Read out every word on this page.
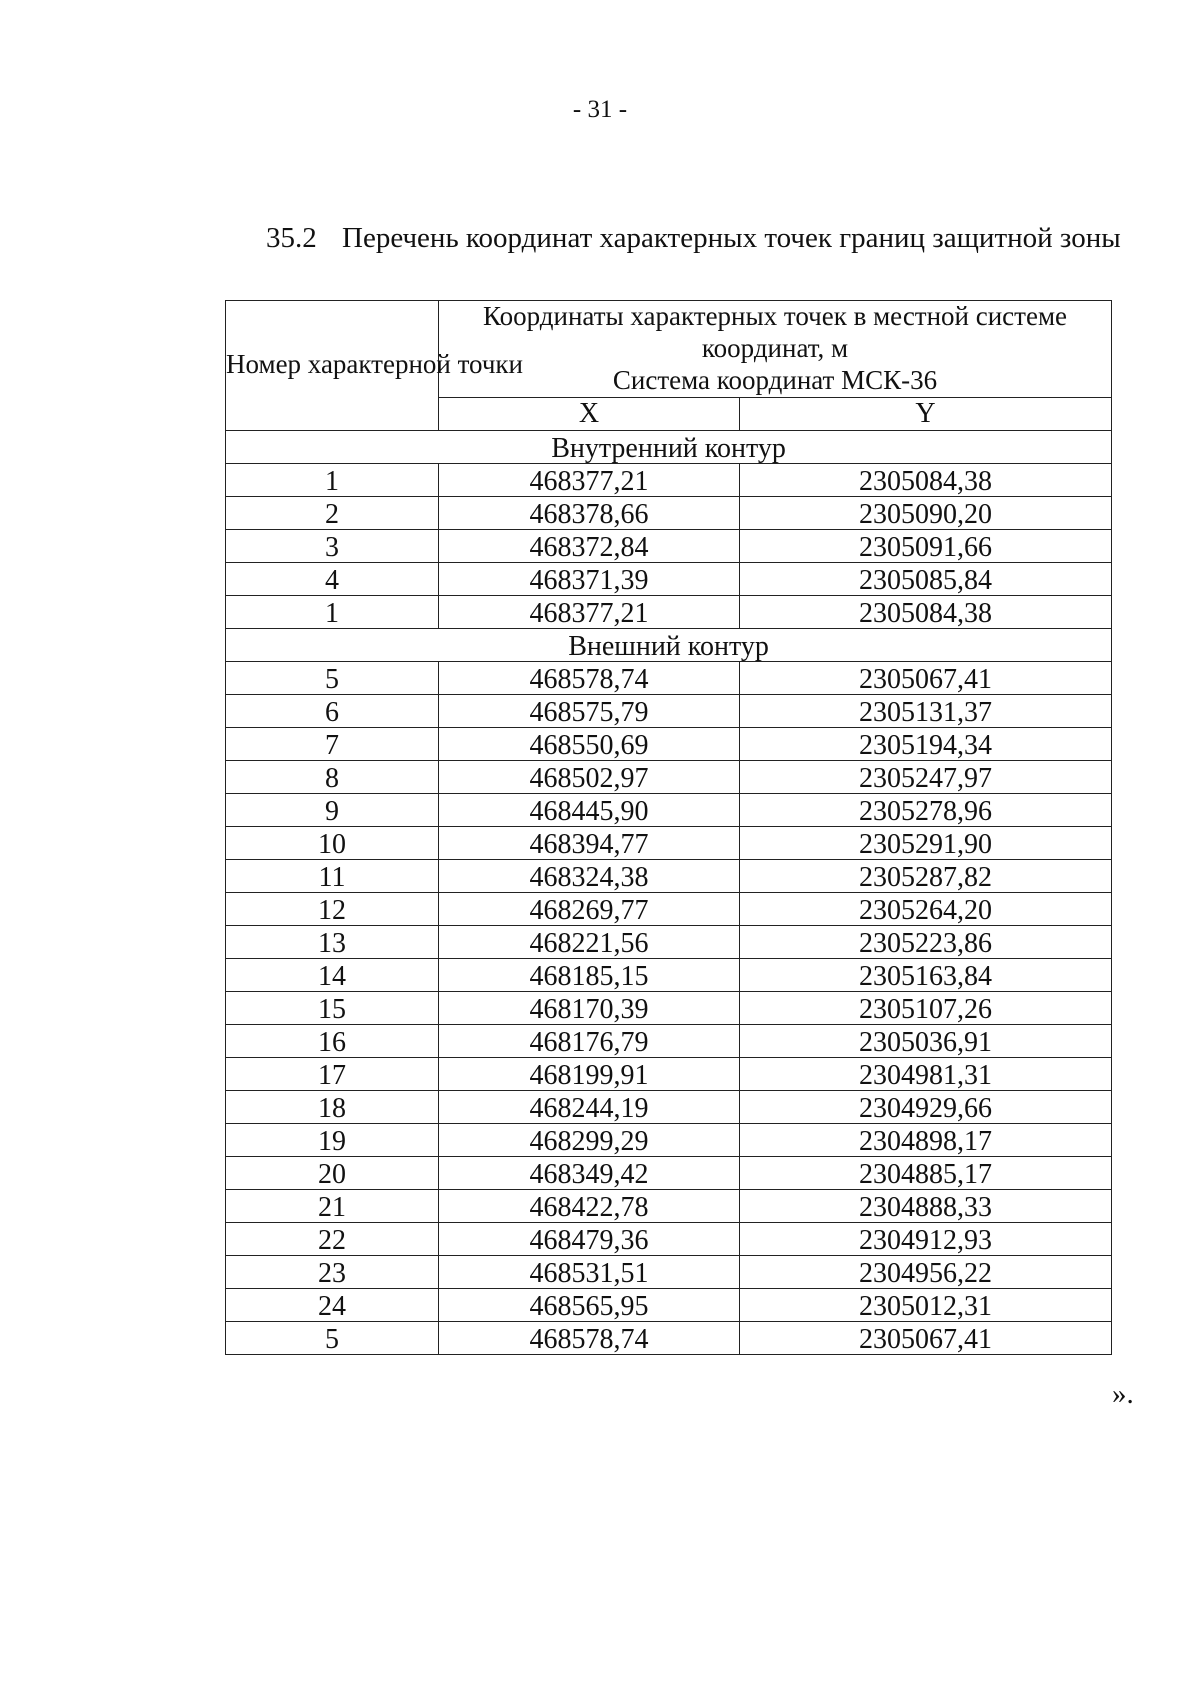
- 31 -
35.2 Перечень координат характерных точек границ защитной зоны
Номер характерной точки	Координаты характерных точек в местной системе
координат, м
Система координат МСК-36	

	X	Y
Внутренний контур		
1	468377,21	2305084,38
2	468378,66	2305090,20
3	468372,84	2305091,66
4	468371,39	2305085,84
1	468377,21	2305084,38
Внешний контур		
5	468578,74	2305067,41
6	468575,79	2305131,37
7	468550,69	2305194,34
8	468502,97	2305247,97
9	468445,90	2305278,96
10	468394,77	2305291,90
11	468324,38	2305287,82
12	468269,77	2305264,20
13	468221,56	2305223,86
14	468185,15	2305163,84
15	468170,39	2305107,26
16	468176,79	2305036,91
17	468199,91	2304981,31
18	468244,19	2304929,66
19	468299,29	2304898,17
20	468349,42	2304885,17
21	468422,78	2304888,33
22	468479,36	2304912,93
23	468531,51	2304956,22
24	468565,95	2305012,31
5	468578,74	2305067,41
».
